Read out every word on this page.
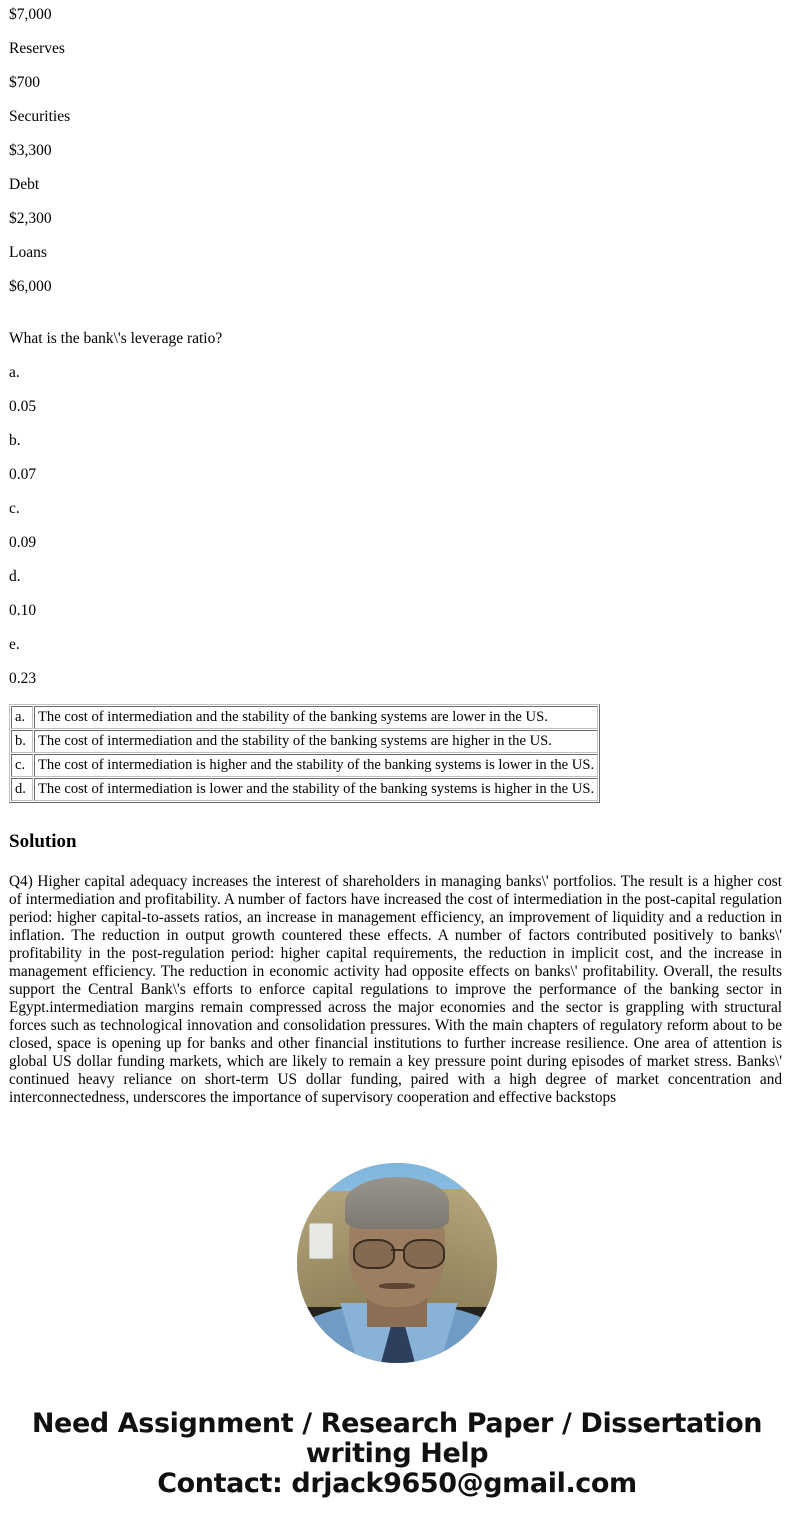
$7,000
Reserves
$700
Securities
$3,300
Debt
$2,300
Loans
$6,000
What is the bank\'s leverage ratio?
a.
0.05
b.
0.07
c.
0.09
d.
0.10
e.
0.23
a.	The cost of intermediation and the stability of the banking systems are lower in the US.
b.	The cost of intermediation and the stability of the banking systems are higher in the US.
c.	The cost of intermediation is higher and the stability of the banking systems is lower in the US.
d.	The cost of intermediation is lower and the stability of the banking systems is higher in the US.
Solution

Q4) Higher capital adequacy increases the interest of shareholders in managing banks\' portfolios. The result is a higher cost of intermediation and profitability. A number of factors have increased the cost of intermediation in the post-capital regulation period: higher capital-to-assets ratios, an increase in management efficiency, an improvement of liquidity and a reduction in inflation. The reduction in output growth countered these effects. A number of factors contributed positively to banks\' profitability in the post-regulation period: higher capital requirements, the reduction in implicit cost, and the increase in management efficiency. The reduction in economic activity had opposite effects on banks\' profitability. Overall, the results support the Central Bank\'s efforts to enforce capital regulations to improve the performance of the banking sector in Egypt.intermediation margins remain compressed across the major economies and the sector is grappling with structural forces such as technological innovation and consolidation pressures. With the main chapters of regulatory reform about to be closed, space is opening up for banks and other financial institutions to further increase resilience. One area of attention is global US dollar funding markets, which are likely to remain a key pressure point during episodes of market stress. Banks\' continued heavy reliance on short-term US dollar funding, paired with a high degree of market concentration and interconnectedness, underscores the importance of supervisory cooperation and effective backstops

Need Assignment / Research Paper / Dissertation
writing Help
Contact: drjack9650@gmail.com
